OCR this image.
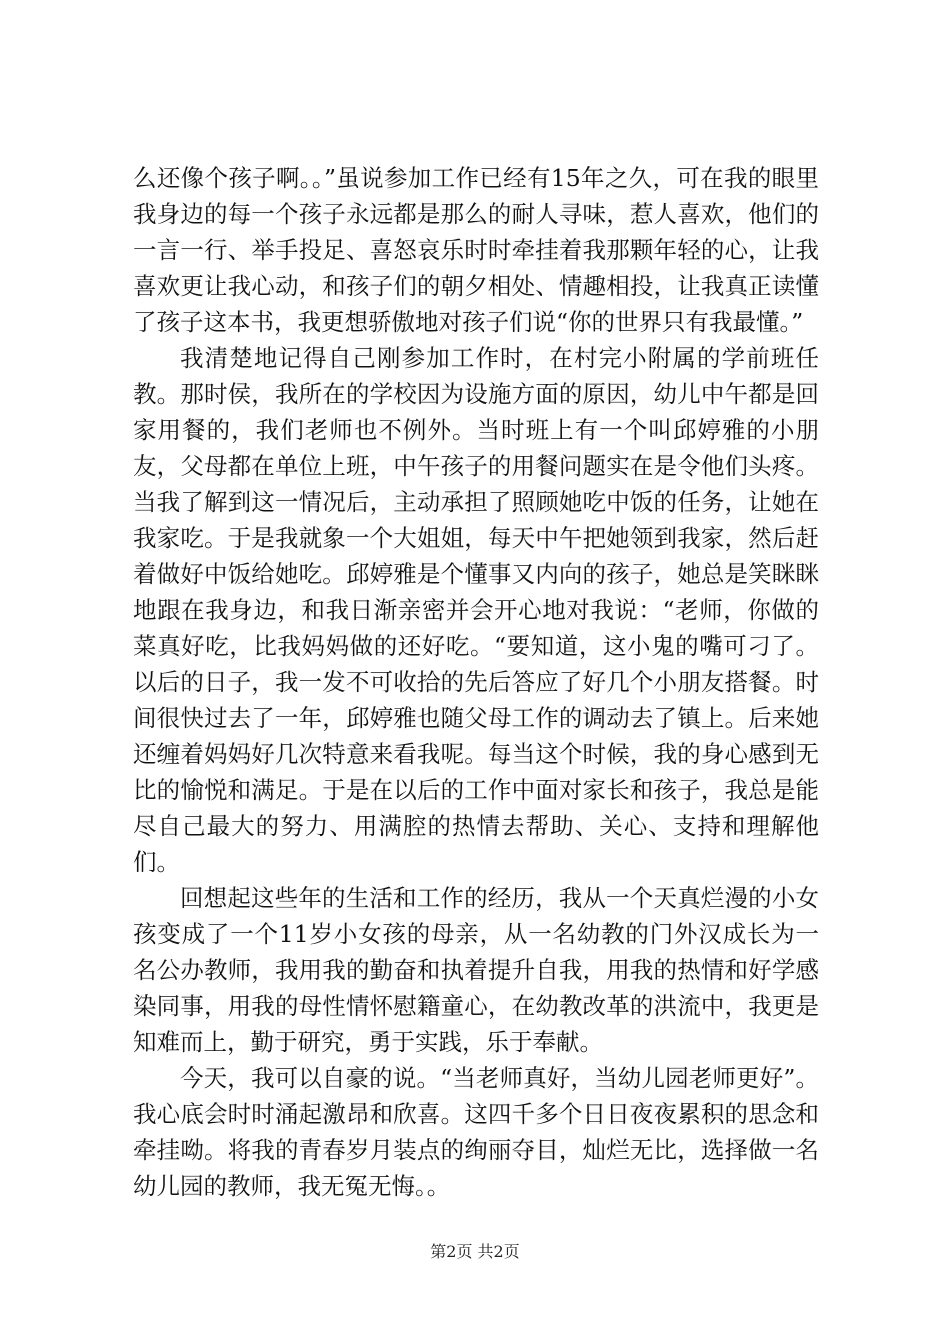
么还像个孩子啊。。”虽说参加工作已经有15年之久，可在我的眼里我身边的每一个孩子永远都是那么的耐人寻味，惹人喜欢，他们的一言一行、举手投足、喜怒哀乐时时牵挂着我那颗年轻的心，让我喜欢更让我心动，和孩子们的朝夕相处、情趣相投，让我真正读懂了孩子这本书，我更想骄傲地对孩子们说“你的世界只有我最懂。”

我清楚地记得自己刚参加工作时，在村完小附属的学前班任教。那时侯，我所在的学校因为设施方面的原因，幼儿中午都是回家用餐的，我们老师也不例外。当时班上有一个叫邱婷雅的小朋友，父母都在单位上班，中午孩子的用餐问题实在是令他们头疼。当我了解到这一情况后，主动承担了照顾她吃中饭的任务，让她在我家吃。于是我就象一个大姐姐，每天中午把她领到我家，然后赶着做好中饭给她吃。邱婷雅是个懂事又内向的孩子，她总是笑眯眯地跟在我身边，和我日渐亲密并会开心地对我说：“老师，你做的菜真好吃，比我妈妈做的还好吃。“要知道，这小鬼的嘴可刁了。以后的日子，我一发不可收拾的先后答应了好几个小朋友搭餐。时间很快过去了一年，邱婷雅也随父母工作的调动去了镇上。后来她还缠着妈妈好几次特意来看我呢。每当这个时候，我的身心感到无比的愉悦和满足。于是在以后的工作中面对家长和孩子，我总是能尽自己最大的努力、用满腔的热情去帮助、关心、支持和理解他们。

回想起这些年的生活和工作的经历，我从一个天真烂漫的小女孩变成了一个11岁小女孩的母亲，从一名幼教的门外汉成长为一名公办教师，我用我的勤奋和执着提升自我，用我的热情和好学感染同事，用我的母性情怀慰籍童心，在幼教改革的洪流中，我更是知难而上，勤于研究，勇于实践，乐于奉献。

今天，我可以自豪的说。“当老师真好，当幼儿园老师更好”。我心底会时时涌起激昂和欣喜。这四千多个日日夜夜累积的思念和牵挂呦。将我的青春岁月装点的绚丽夺目，灿烂无比，选择做一名幼儿园的教师，我无冤无悔。。

第2页 共2页
